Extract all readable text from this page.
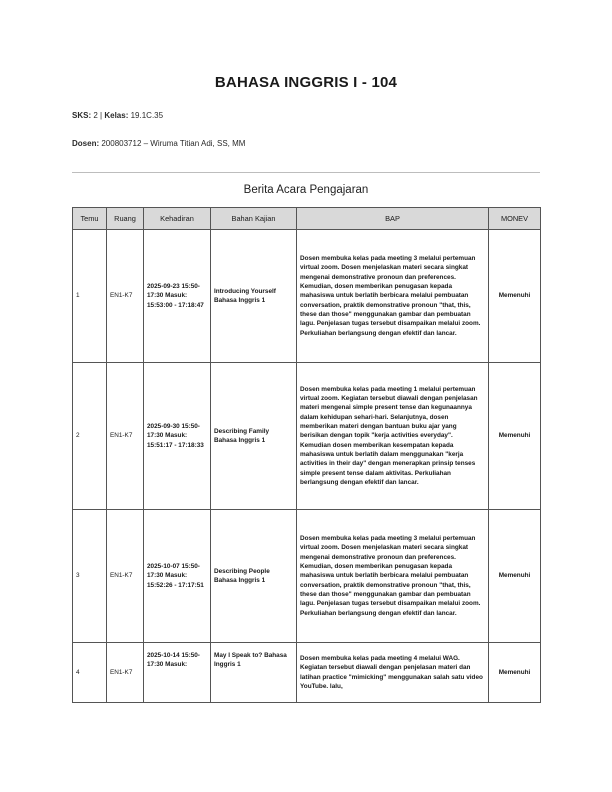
BAHASA INGGRIS I - 104
SKS: 2 | Kelas: 19.1C.35
Dosen: 200803712 – Wiruma Titian Adi, SS, MM
Berita Acara Pengajaran
Temu	Ruang	Kehadiran	Bahan Kajian	BAP	MONEV
1	EN1-K7	2025-09-23 15:50-17:30 Masuk: 15:53:00 - 17:18:47	Introducing Yourself Bahasa Inggris 1	Dosen membuka kelas pada meeting 3 melalui pertemuan virtual zoom. Dosen menjelaskan materi secara singkat mengenai demonstrative pronoun dan preferences. Kemudian, dosen memberikan penugasan kepada mahasiswa untuk berlatih berbicara melalui pembuatan conversation, praktik demonstrative pronoun "that, this, these dan those" menggunakan gambar dan pembuatan lagu. Penjelasan tugas tersebut disampaikan melalui zoom. Perkuliahan berlangsung dengan efektif dan lancar.	Memenuhi
2	EN1-K7	2025-09-30 15:50-17:30 Masuk: 15:51:17 - 17:18:33	Describing Family Bahasa Inggris 1	Dosen membuka kelas pada meeting 1 melalui pertemuan virtual zoom. Kegiatan tersebut diawali dengan penjelasan materi mengenai simple present tense dan kegunaannya dalam kehidupan sehari-hari. Selanjutnya, dosen memberikan materi dengan bantuan buku ajar yang berisikan dengan topik "kerja activities everyday". Kemudian dosen memberikan kesempatan kepada mahasiswa untuk berlatih dalam menggunakan "kerja activities in their day" dengan menerapkan prinsip tenses simple present tense dalam aktivitas. Perkuliahan berlangsung dengan efektif dan lancar.	Memenuhi
3	EN1-K7	2025-10-07 15:50-17:30 Masuk: 15:52:26 - 17:17:51	Describing People Bahasa Inggris 1	Dosen membuka kelas pada meeting 3 melalui pertemuan virtual zoom. Dosen menjelaskan materi secara singkat mengenai demonstrative pronoun dan preferences. Kemudian, dosen memberikan penugasan kepada mahasiswa untuk berlatih berbicara melalui pembuatan conversation, praktik demonstrative pronoun "that, this, these dan those" menggunakan gambar dan pembuatan lagu. Penjelasan tugas tersebut disampaikan melalui zoom. Perkuliahan berlangsung dengan efektif dan lancar.	Memenuhi
4	EN1-K7	2025-10-14 15:50-17:30 Masuk:	May I Speak to? Bahasa Inggris 1	Dosen membuka kelas pada meeting 4 melalui WAG. Kegiatan tersebut diawali dengan penjelasan materi dan latihan practice "mimicking" menggunakan salah satu video YouTube. lalu,	Memenuhi
